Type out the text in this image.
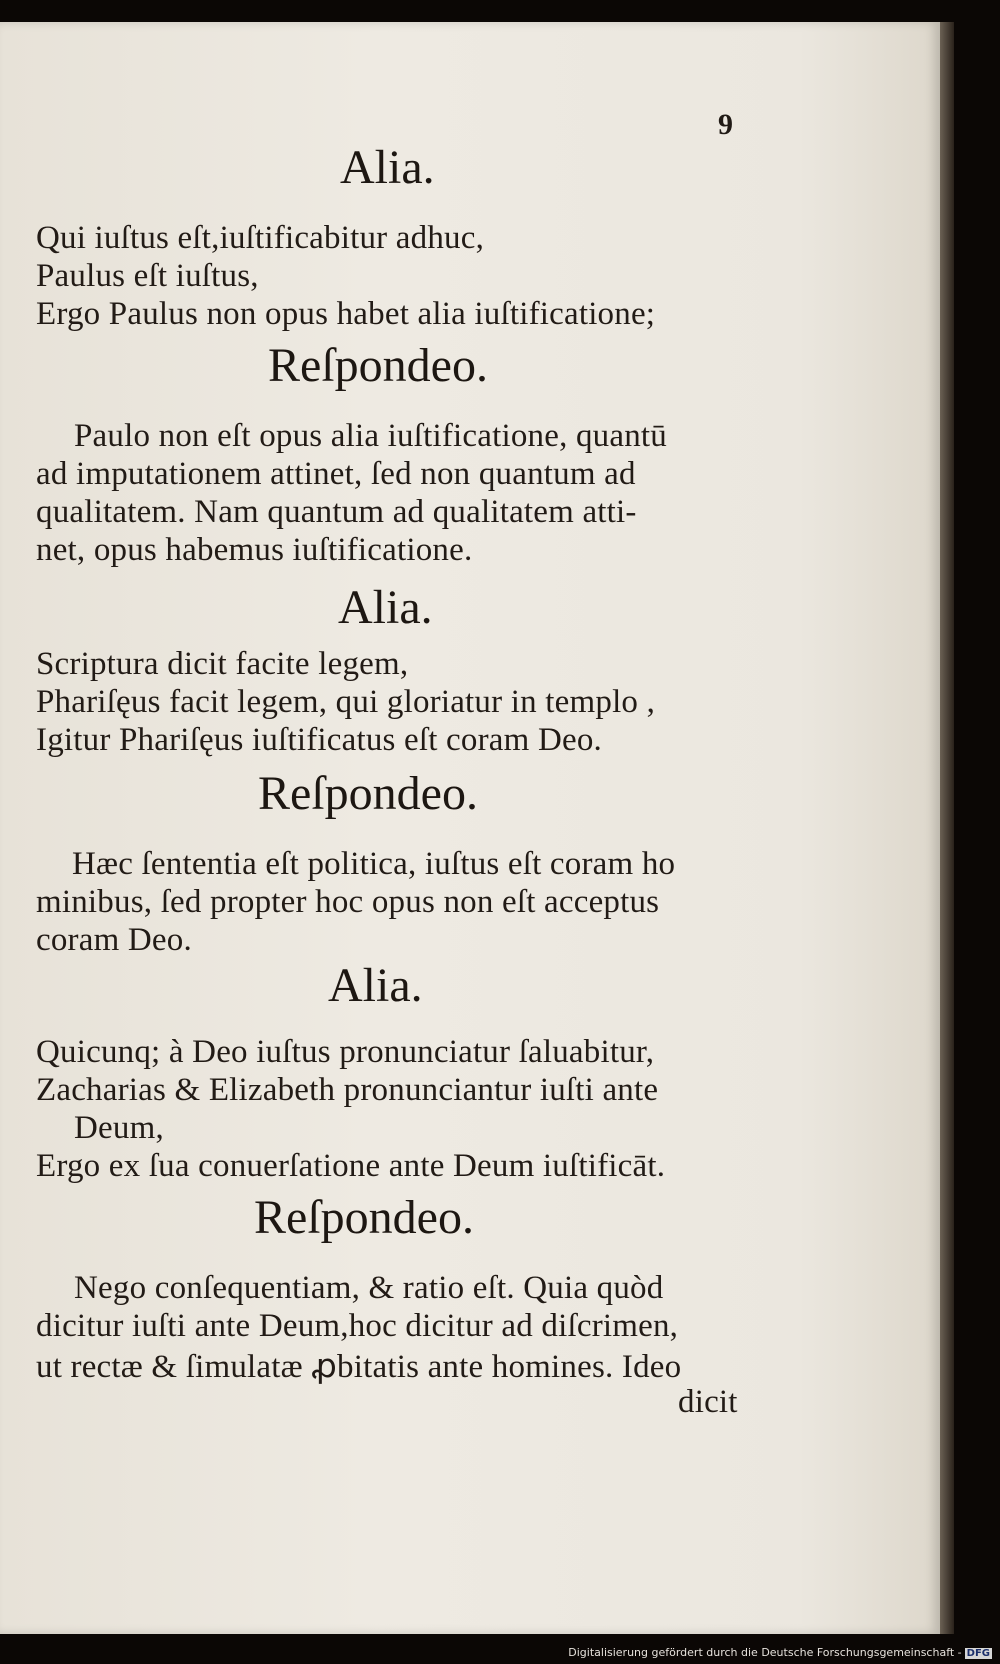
9
Alia.
Qui iuſtus eſt,iuſtificabitur adhuc,
Paulus eſt iuſtus,
Ergo Paulus non opus habet alia iuſtificatione;
Reſpondeo.
Paulo non eſt opus alia iuſtificatione, quantū
ad imputationem attinet, ſed non quantum ad
qualitatem. Nam quantum ad qualitatem atti-
net, opus habemus iuſtificatione.
Alia.
Scriptura dicit facite legem,
Phariſęus facit legem, qui gloriatur in templo ,
Igitur Phariſęus iuſtificatus eſt coram Deo.
Reſpondeo.
Hæc ſententia eſt politica, iuſtus eſt coram ho
minibus, ſed propter hoc opus non eſt acceptus
coram Deo.
Alia.
Quicunq; à Deo iuſtus pronunciatur ſaluabitur,
Zacharias & Elizabeth pronunciantur iuſti ante
Deum,
Ergo ex ſua conuerſatione ante Deum iuſtificāt.
Reſpondeo.
Nego conſequentiam, & ratio eſt. Quia quòd
dicitur iuſti ante Deum,hoc dicitur ad diſcrimen,
ut rectæ & ſimulatæ ꝓbitatis ante homines. Ideo
dicit
Digitalisierung gefördert durch die Deutsche Forschungsgemeinschaft - DFG
